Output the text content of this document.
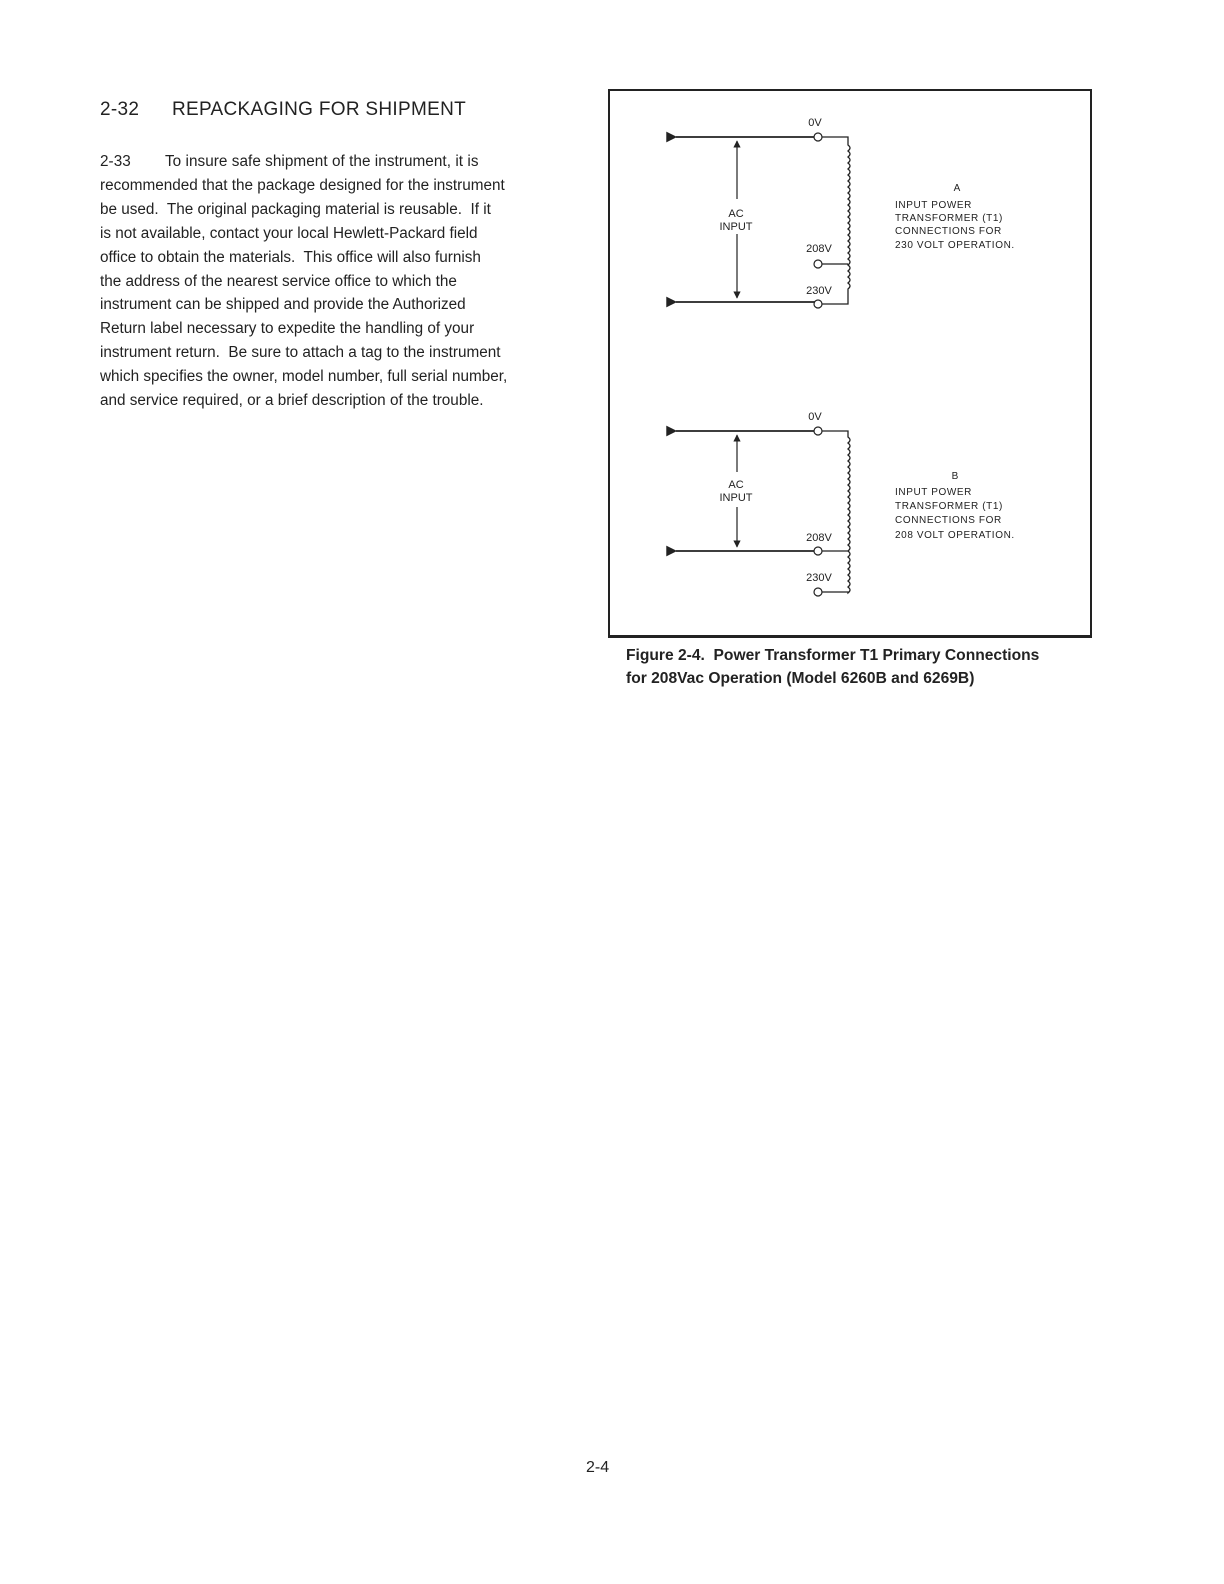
2-32 REPACKAGING FOR SHIPMENT
2-33        To insure safe shipment of the instrument, it is
recommended that the package designed for the instrument
be used.  The original packaging material is reusable.  If it
is not available, contact your local Hewlett-Packard field
office to obtain the materials.  This office will also furnish
the address of the nearest service office to which the
instrument can be shipped and provide the Authorized
Return label necessary to expedite the handling of your
instrument return.  Be sure to attach a tag to the instrument
which specifies the owner, model number, full serial number,
and service required, or a brief description of the trouble.
AC
INPUT
0V
208V
230V
A
INPUT POWER
TRANSFORMER (T1)
CONNECTIONS FOR
230 VOLT OPERATION.
AC
INPUT
0V
208V
230V
B
INPUT POWER
TRANSFORMER (T1)
CONNECTIONS FOR
208 VOLT OPERATION.
Figure 2-4.  Power Transformer T1 Primary Connections
for 208Vac Operation (Model 6260B and 6269B)
2-4
